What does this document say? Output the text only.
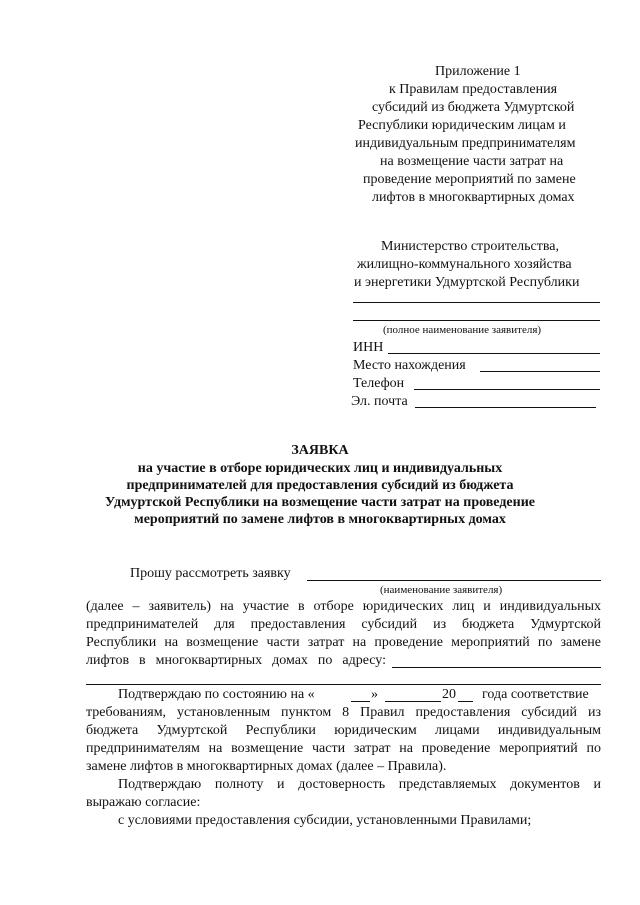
Приложение 1
к Правилам предоставления
субсидий из бюджета Удмуртской
Республики юридическим лицам и
индивидуальным предпринимателям
на возмещение части затрат на
проведение мероприятий по замене
лифтов в многоквартирных домах
Министерство строительства,
жилищно-коммунального хозяйства
и энергетики Удмуртской Республики
(полное наименование заявителя)
ИНН
Место нахождения
Телефон
Эл. почта
ЗАЯВКА
на участие в отборе юридических лиц и индивидуальных
предпринимателей для предоставления субсидий из бюджета
Удмуртской Республики на возмещение части затрат на проведение
мероприятий по замене лифтов в многоквартирных домах
Прошу рассмотреть заявку
(наименование заявителя)
(далее – заявитель) на участие в отборе юридических лиц и индивидуальных
предпринимателей для предоставления субсидий из бюджета Удмуртской
Республики на возмещение части затрат на проведение мероприятий по замене
лифтов в многоквартирных домах по адресу:
Подтверждаю по состоянию на «	»	20 года соответствие
требованиям, установленным пунктом 8 Правил предоставления субсидий из
бюджета Удмуртской Республики юридическим лицами индивидуальным
предпринимателям на возмещение части затрат на проведение мероприятий по
замене лифтов в многоквартирных домах (далее – Правила).
Подтверждаю полноту и достоверность представляемых документов и
выражаю согласие:
с условиями предоставления субсидии, установленными Правилами;
